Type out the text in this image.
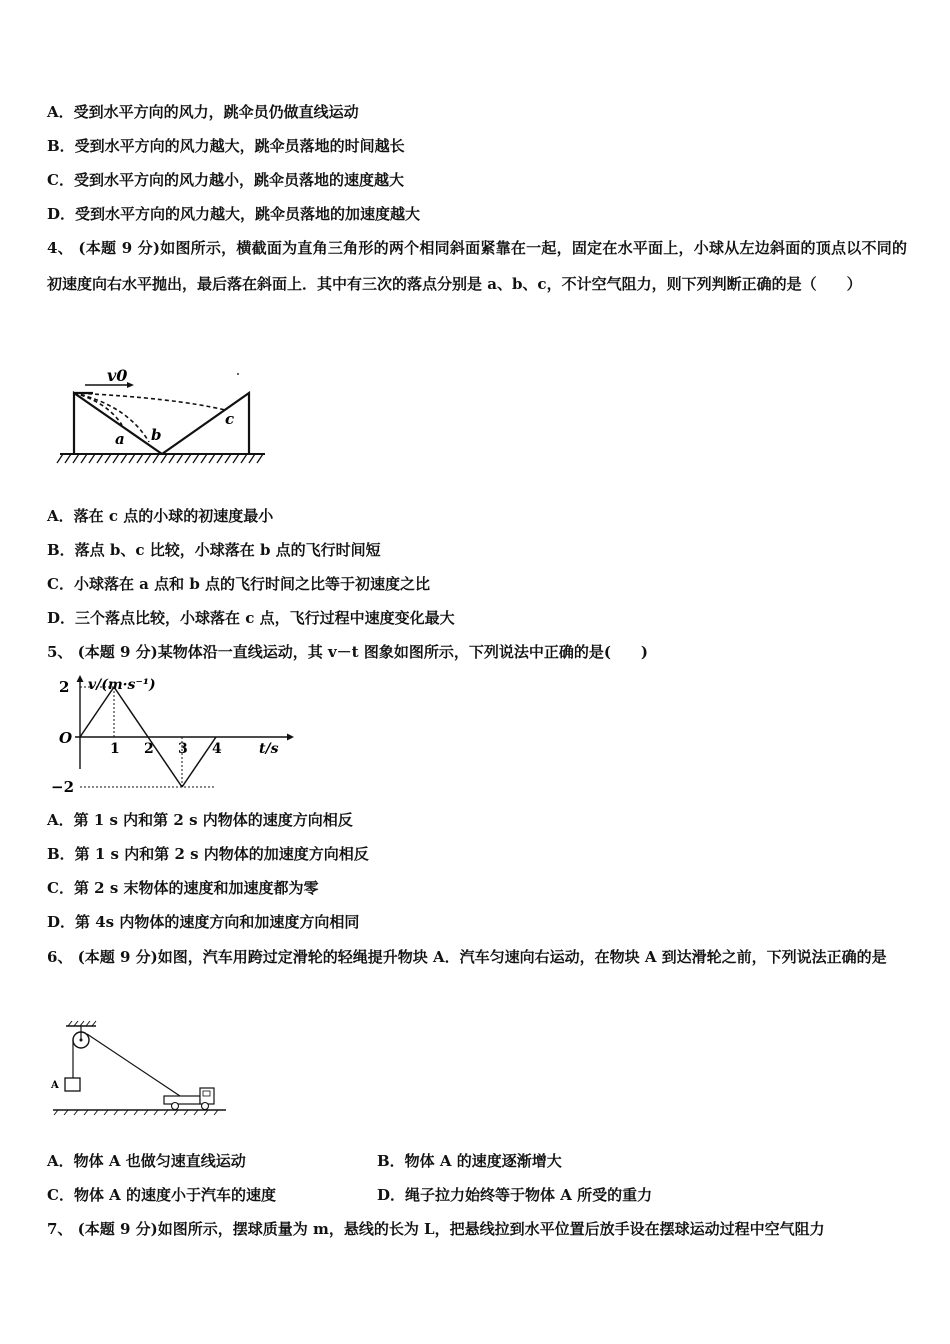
A．受到水平方向的风力，跳伞员仍做直线运动
B．受到水平方向的风力越大，跳伞员落地的时间越长
C．受到水平方向的风力越小，跳伞员落地的速度越大
D．受到水平方向的风力越大，跳伞员落地的加速度越大
4、 (本题 9 分)如图所示，横截面为直角三角形的两个相同斜面紧靠在一起，固定在水平面上，小球从左边斜面的顶点以不同的初速度向右水平抛出，最后落在斜面上．其中有三次的落点分别是 a、b、c，不计空气阻力，则下列判断正确的是（　　）
v0
a b
c
A．落在 c 点的小球的初速度最小
B．落点 b、c 比较，小球落在 b 点的飞行时间短
C．小球落在 a 点和 b 点的飞行时间之比等于初速度之比
D．三个落点比较，小球落在 c 点，飞行过程中速度变化最大
5、 (本题 9 分)某物体沿一直线运动，其 v－t 图象如图所示，下列说法中正确的是(　　)
v/(m·s⁻¹)
t/s
O
1 2 3 4
2
−2
A．第 1 s 内和第 2 s 内物体的速度方向相反
B．第 1 s 内和第 2 s 内物体的加速度方向相反
C．第 2 s 末物体的速度和加速度都为零
D．第 4s 内物体的速度方向和加速度方向相同
6、 (本题 9 分)如图，汽车用跨过定滑轮的轻绳提升物块 A．汽车匀速向右运动，在物块 A 到达滑轮之前，下列说法正确的是
A
A．物体 A 也做匀速直线运动	B．物体 A 的速度逐渐增大
C．物体 A 的速度小于汽车的速度	D．绳子拉力始终等于物体 A 所受的重力
7、 (本题 9 分)如图所示，摆球质量为 m，悬线的长为 L，把悬线拉到水平位置后放手设在摆球运动过程中空气阻力
